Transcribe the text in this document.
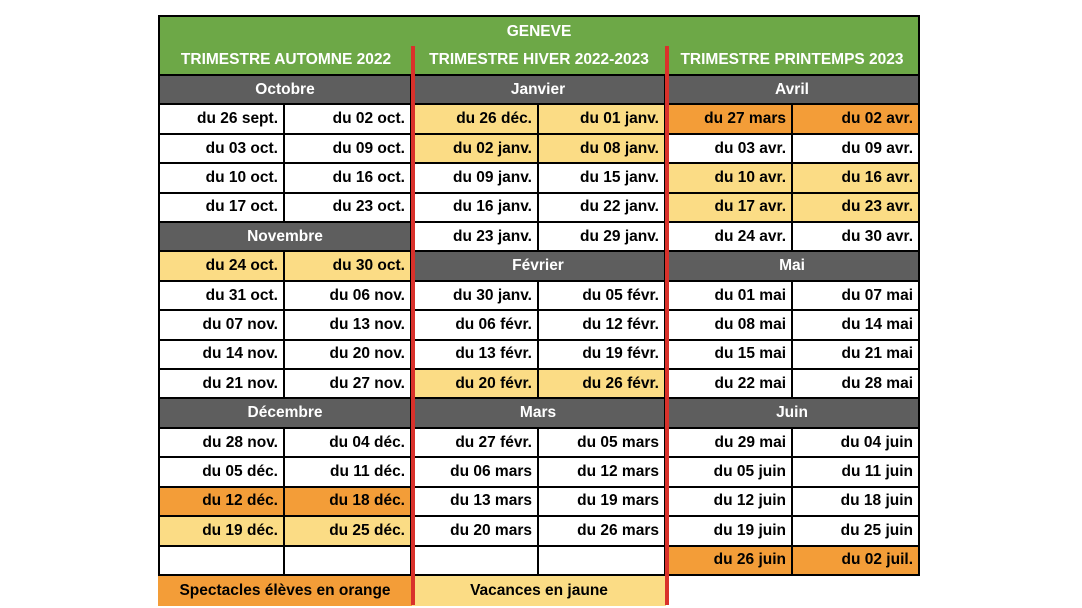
GENEVE
TRIMESTRE AUTOMNE 2022	TRIMESTRE HIVER 2022-2023	TRIMESTRE PRINTEMPS 2023
Spectacles élèves en orange	Vacances en jaune
Octobre
du 26 sept.	du 02 oct.
du 03 oct.	du 09 oct.
du 10 oct.	du 16 oct.
du 17 oct.	du 23 oct.
Novembre
du 24 oct.	du 30 oct.
du 31 oct.	du 06 nov.
du 07 nov.	du 13 nov.
du 14 nov.	du 20 nov.
du 21 nov.	du 27 nov.
Décembre
du 28 nov.	du 04 déc.
du 05 déc.	du 11 déc.
du 12 déc.	du 18 déc.
du 19 déc.	du 25 déc.
Janvier
du 26 déc.	du 01 janv.
du 02 janv.	du 08 janv.
du 09 janv.	du 15 janv.
du 16 janv.	du 22 janv.
du 23 janv.	du 29 janv.
Février
du 30 janv.	du 05 févr.
du 06 févr.	du 12 févr.
du 13 févr.	du 19 févr.
du 20 févr.	du 26 févr.
Mars
du 27 févr.	du 05 mars
du 06 mars	du 12 mars
du 13 mars	du 19 mars
du 20 mars	du 26 mars
Avril
du 27 mars	du 02 avr.
du 03 avr.	du 09 avr.
du 10 avr.	du 16 avr.
du 17 avr.	du 23 avr.
du 24 avr.	du 30 avr.
Mai
du 01 mai	du 07 mai
du 08 mai	du 14 mai
du 15 mai	du 21 mai
du 22 mai	du 28 mai
Juin
du 29 mai	du 04 juin
du 05 juin	du 11 juin
du 12 juin	du 18 juin
du 19 juin	du 25 juin
du 26 juin	du 02 juil.
